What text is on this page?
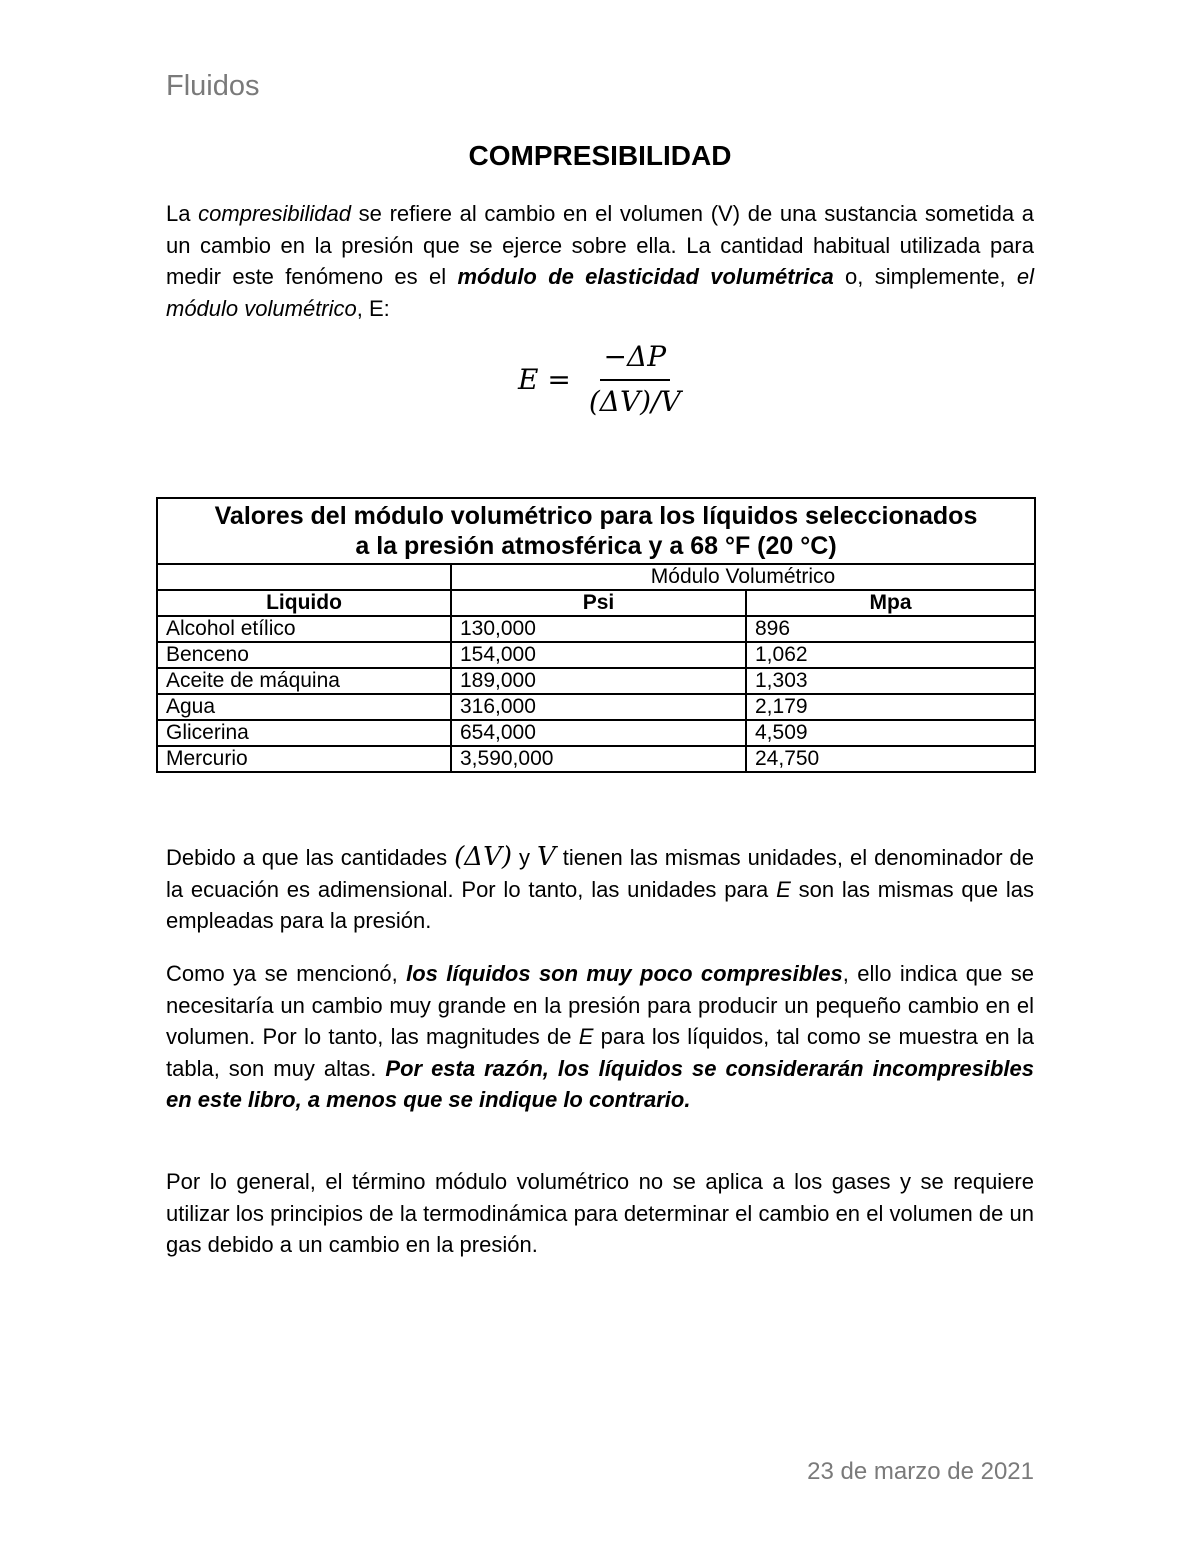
Fluidos
COMPRESIBILIDAD

La compresibilidad se refiere al cambio en el volumen (V) de una sustancia sometida a un cambio en la presión que se ejerce sobre ella. La cantidad habitual utilizada para medir este fenómeno es el módulo de elasticidad volumétrica o, simplemente, el módulo volumétrico, E:

$E = \frac{-\Delta P}{(\Delta V)/V}$
Valores del módulo volumétrico para los líquidos seleccionados
a la presión atmosférica y a 68 °F (20 °C)		

	Módulo Volumétrico	
Liquido	Psi	Mpa
Alcohol etílico	130,000	896
Benceno	154,000	1,062
Aceite de máquina	189,000	1,303
Agua	316,000	2,179
Glicerina	654,000	4,509
Mercurio	3,590,000	24,750

Debido a que las cantidades (ΔV) y V tienen las mismas unidades, el denominador de la ecuación es adimensional. Por lo tanto, las unidades para E son las mismas que las empleadas para la presión.

Como ya se mencionó, los líquidos son muy poco compresibles, ello indica que se necesitaría un cambio muy grande en la presión para producir un pequeño cambio en el volumen. Por lo tanto, las magnitudes de E para los líquidos, tal como se muestra en la tabla, son muy altas. Por esta razón, los líquidos se considerarán incompresibles en este libro, a menos que se indique lo contrario.

Por lo general, el término módulo volumétrico no se aplica a los gases y se requiere utilizar los principios de la termodinámica para determinar el cambio en el volumen de un gas debido a un cambio en la presión.

23 de marzo de 2021
